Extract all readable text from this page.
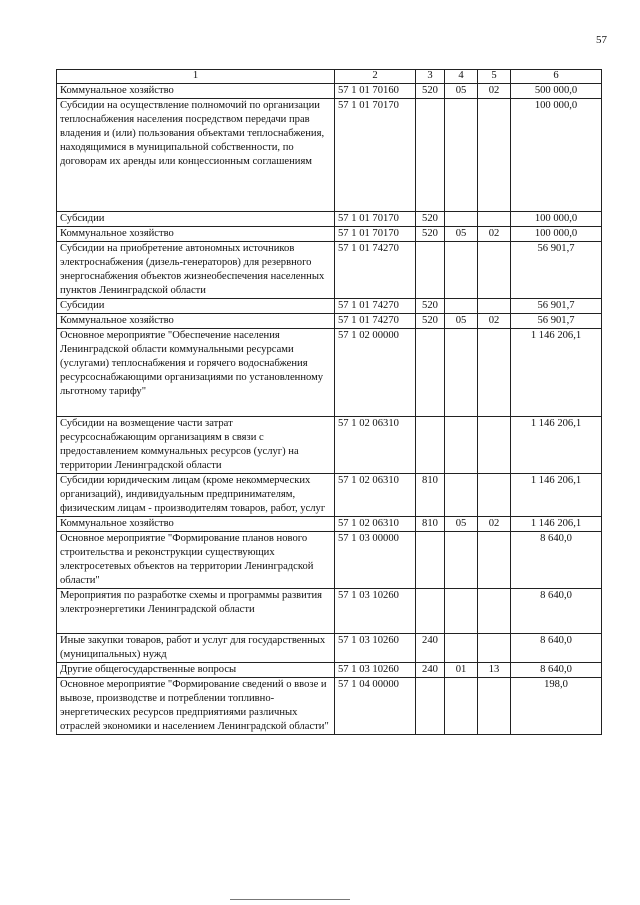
57
1	2	3	4	5	6
Коммунальное хозяйство	57 1 01 70160	520	05	02	500 000,0
Субсидии на осуществление полномочий по организации теплоснабжения населения посредством передачи прав владения и (или) пользования объектами теплоснабжения, находящимися в муниципальной собственности, по договорам их аренды или концессионным соглашениям	57 1 01 70170				100 000,0
Субсидии	57 1 01 70170	520			100 000,0
Коммунальное хозяйство	57 1 01 70170	520	05	02	100 000,0
Субсидии на приобретение автономных источников электроснабжения (дизель-генераторов) для резервного энергоснабжения объектов жизнеобеспечения населенных пунктов Ленинградской области	57 1 01 74270				56 901,7
Субсидии	57 1 01 74270	520			56 901,7
Коммунальное хозяйство	57 1 01 74270	520	05	02	56 901,7
Основное мероприятие "Обеспечение населения Ленинградской области коммунальными ресурсами (услугами) теплоснабжения и горячего водоснабжения ресурсоснабжающими организациями по установленному льготному тарифу"	57 1 02 00000				1 146 206,1
Субсидии на возмещение части затрат ресурсоснабжающим организациям в связи с предоставлением коммунальных ресурсов (услуг) на территории Ленинградской области	57 1 02 06310				1 146 206,1
Субсидии юридическим лицам (кроме некоммерческих организаций), индивидуальным предпринимателям, физическим лицам - производителям товаров, работ, услуг	57 1 02 06310	810			1 146 206,1
Коммунальное хозяйство	57 1 02 06310	810	05	02	1 146 206,1
Основное мероприятие "Формирование планов нового строительства и реконструкции существующих электросетевых объектов на территории Ленинградской области"	57 1 03 00000				8 640,0
Мероприятия по разработке схемы и программы развития электроэнергетики Ленинградской области	57 1 03 10260				8 640,0
Иные закупки товаров, работ и услуг для государственных (муниципальных) нужд	57 1 03 10260	240			8 640,0
Другие общегосударственные вопросы	57 1 03 10260	240	01	13	8 640,0
Основное мероприятие "Формирование сведений о ввозе и вывозе, производстве и потреблении топливно-энергетических ресурсов предприятиями различных отраслей экономики и населением Ленинградской области"	57 1 04 00000				198,0
